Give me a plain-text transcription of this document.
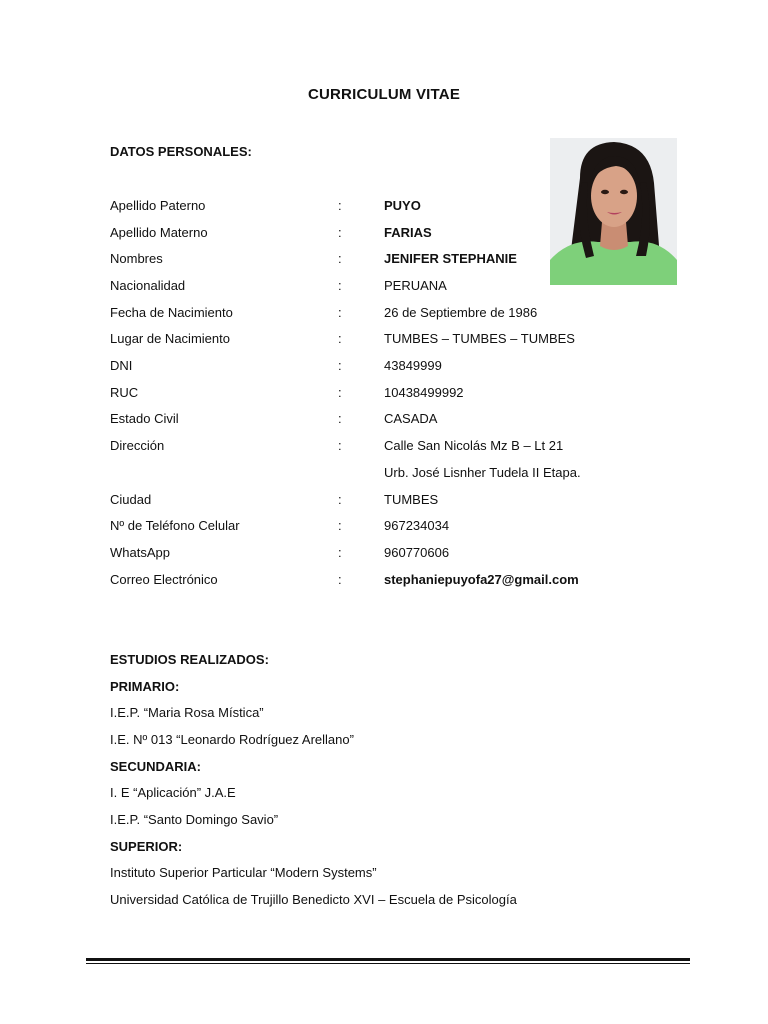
CURRICULUM VITAE
DATOS PERSONALES:
Apellido Paterno	:	PUYO
Apellido Materno	:	FARIAS
Nombres	:	JENIFER STEPHANIE
Nacionalidad	:	PERUANA
Fecha de Nacimiento	:	26 de Septiembre de 1986
Lugar de Nacimiento	:	TUMBES – TUMBES – TUMBES
DNI	:	43849999
RUC	:	10438499992
Estado Civil	:	CASADA
Dirección	:	Calle San Nicolás Mz B – Lt 21
Urb. José Lisnher Tudela II Etapa.
Ciudad	:	TUMBES
Nº de Teléfono Celular	:	967234034
WhatsApp	:	960770606
Correo Electrónico	:	stephaniepuyofa27@gmail.com
ESTUDIOS REALIZADOS:
PRIMARIO:
I.E.P. “Maria Rosa Mística”
I.E. Nº 013 “Leonardo Rodríguez Arellano”
SECUNDARIA:
I. E “Aplicación” J.A.E
I.E.P. “Santo Domingo Savio”
SUPERIOR:
Instituto Superior Particular “Modern Systems”
Universidad Católica de Trujillo Benedicto XVI – Escuela de Psicología
